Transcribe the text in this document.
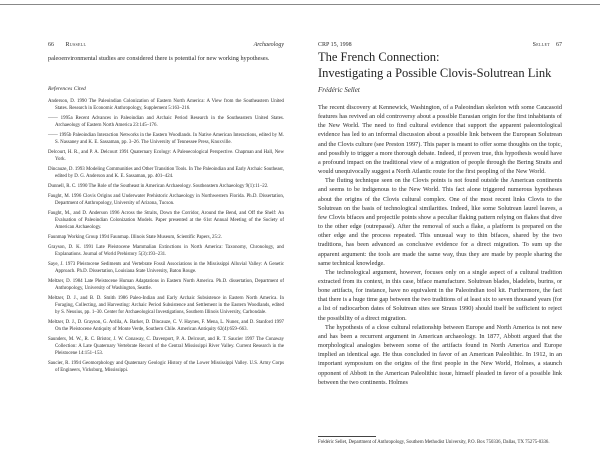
66 Russell	Archaeology
paleoenvironmental studies are considered there is potential for new working hypotheses.
References Cited

Anderson, D. 1990 The Paleoindian Colonization of Eastern North America: A View from the Southeastern United States. Research in Economic Anthropology, Supplement 5:163–216.

—— 1995a Recent Advances in Paleoindian and Archaic Period Research in the Southeastern United States. Archaeology of Eastern North America 23:145–176.

—— 1995b Paleoindian Interaction Networks in the Eastern Woodlands. In Native American Interactions, edited by M. S. Nassaney and K. E. Sassaman, pp. 3–26. The University of Tennessee Press, Knoxville.

Delcourt, H. R., and P. A. Delcourt 1991 Quaternary Ecology: A Paleoecological Perspective. Chapman and Hall, New York.

Dincauze, D. 1993 Modeling Communities and Other Transition Tools. In The Paleoindian and Early Archaic Southeast, edited by D. G. Anderson and K. E. Sassaman, pp. 401–424.

Dunnell, R. C. 1990 The Role of the Southeast in American Archaeology. Southeastern Archaeology 9(1):11–22.

Faught, M. 1996 Clovis Origins and Underwater Prehistoric Archaeology in Northwestern Florida. Ph.D. Dissertation, Department of Anthropology, University of Arizona, Tucson.

Faught, M., and D. Anderson 1996 Across the Straits, Down the Corridor, Around the Bend, and Off the Shelf: An Evaluation of Paleoindian Colonization Models. Paper presented at the 61st Annual Meeting of the Society of American Archaeology.

Faunmap Working Group 1994 Faunmap. Illinois State Museum, Scientific Papers, 25:2.

Grayson, D. K. 1991 Late Pleistocene Mammalian Extinctions in North America: Taxonomy, Chronology, and Explanations. Journal of World Prehistory 5(3):193–231.

Saye, J. 1973 Pleistocene Sediments and Vertebrate Fossil Associations in the Mississippi Alluvial Valley: A Genetic Approach. Ph.D. Dissertation, Louisiana State University, Baton Rouge.

Meltzer, D. 1984 Late Pleistocene Human Adaptations in Eastern North America. Ph.D. dissertation, Department of Anthropology, University of Washington, Seattle.

Meltzer, D. J., and B. D. Smith 1986 Paleo-Indian and Early Archaic Subsistence in Eastern North America. In Foraging, Collecting, and Harvesting: Archaic Period Subsistence and Settlement in the Eastern Woodlands, edited by S. Neusius, pp. 1–30. Center for Archaeological Investigations, Southern Illinois University, Carbondale.

Meltzer, D. J., D. Grayson, G. Ardila, A. Barker, D. Dincauze, C. V. Haynes, F. Mena, L. Nunez, and D. Stanford 1997 On the Pleistocene Antiquity of Monte Verde, Southern Chile. American Antiquity 62(4):659–663.

Saunders, M. W., R. C. Bristor, J. W. Conaway, C. Davenport, P. A. Delcourt, and R. T. Saucier 1997 The Conaway Collection: A Late Quaternary Vertebrate Record of the Central Mississippi River Valley. Current Research in the Pleistocene 14:151–153.

Saucier, R. 1994 Geomorphology and Quaternary Geologic History of the Lower Mississippi Valley. U.S. Army Corps of Engineers, Vicksburg, Mississippi.

CRP 15, 1998	Sellet 67
The French Connection:
Investigating a Possible Clovis-Solutrean Link
Frédéric Sellet

The recent discovery at Kennewick, Washington, of a Paleoindian skeleton with some Caucasoid features has revived an old controversy about a possible Eurasian origin for the first inhabitants of the New World. The need to find cultural evidence that support the apparent paleontological evidence has led to an informal discussion about a possible link between the European Solutrean and the Clovis culture (see Preston 1997). This paper is meant to offer some thoughts on the topic, and possibly to trigger a more thorough debate. Indeed, if proven true, this hypothesis would have a profound impact on the traditional view of a migration of people through the Bering Straits and would unequivocally suggest a North Atlantic route for the first peopling of the New World.

The fluting technique seen on the Clovis points is not found outside the American continents and seems to be indigenous to the New World. This fact alone triggered numerous hypotheses about the origins of the Clovis cultural complex. One of the most recent links Clovis to the Solutrean on the basis of technological similarities. Indeed, like some Solutrean laurel leaves, a few Clovis bifaces and projectile points show a peculiar flaking pattern relying on flakes that dive to the other edge (outrepassé). After the removal of such a flake, a platform is prepared on the other edge and the process repeated. This unusual way to thin bifaces, shared by the two traditions, has been advanced as conclusive evidence for a direct migration. To sum up the apparent argument: the tools are made the same way, thus they are made by people sharing the same technical knowledge.

The technological argument, however, focuses only on a single aspect of a cultural tradition extracted from its context, in this case, biface manufacture. Solutrean blades, bladelets, burins, or bone artifacts, for instance, have no equivalent in the Paleoindian tool kit. Furthermore, the fact that there is a huge time gap between the two traditions of at least six to seven thousand years (for a list of radiocarbon dates of Solutrean sites see Straus 1990) should itself be sufficient to reject the possibility of a direct migration.

The hypothesis of a close cultural relationship between Europe and North America is not new and has been a recurrent argument in American archaeology. In 1877, Abbott argued that the morphological analogies between some of the artifacts found in North America and Europe implied an identical age. He thus concluded in favor of an American Paleolithic. In 1912, in an important symposium on the origins of the first people in the New World, Holmes, a staunch opponent of Abbott in the American Paleolithic issue, himself pleaded in favor of a possible link between the two continents. Holmes

Frédéric Sellet, Department of Anthropology, Southern Methodist University, P.O. Box 750336, Dallas, TX 75275-0336.
